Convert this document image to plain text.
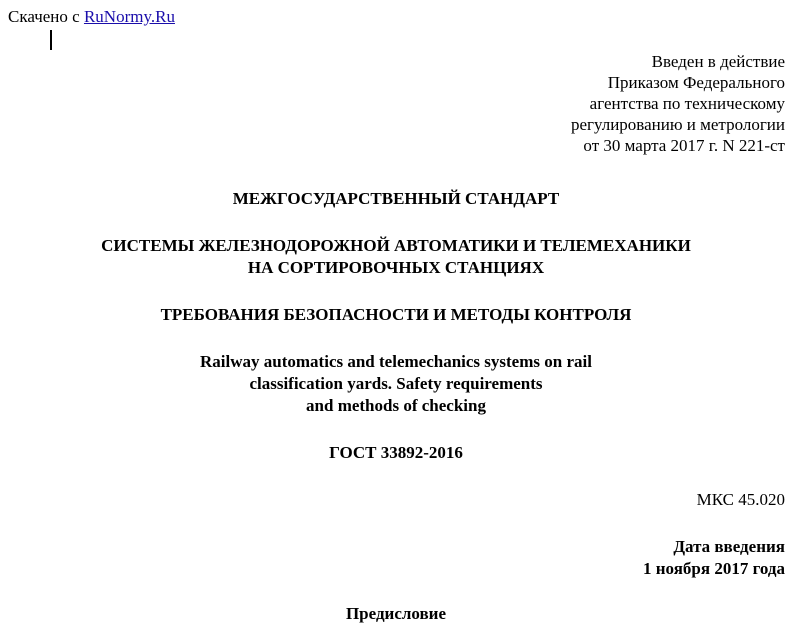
Скачено с RuNormy.Ru
Введен в действие
Приказом Федерального
агентства по техническому
регулированию и метрологии
от 30 марта 2017 г. N 221-ст
МЕЖГОСУДАРСТВЕННЫЙ СТАНДАРТ
СИСТЕМЫ ЖЕЛЕЗНОДОРОЖНОЙ АВТОМАТИКИ И ТЕЛЕМЕХАНИКИ
НА СОРТИРОВОЧНЫХ СТАНЦИЯХ
ТРЕБОВАНИЯ БЕЗОПАСНОСТИ И МЕТОДЫ КОНТРОЛЯ
Railway automatics and telemechanics systems on rail
classification yards. Safety requirements
and methods of checking
ГОСТ 33892-2016
МКС 45.020
Дата введения
1 ноября 2017 года
Предисловие
